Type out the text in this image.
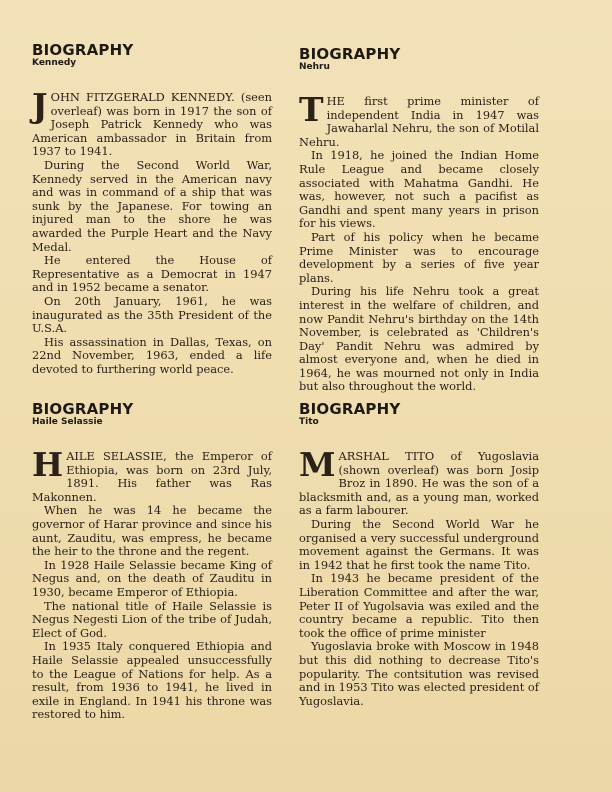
BIOGRAPHY
Kennedy

JOHN FITZGERALD KENNEDY. (seen overleaf) was born in 1917 the son of Joseph Patrick Kennedy who was American ambassador in Britain from 1937 to 1941.

During the Second World War, Kennedy served in the American navy and was in command of a ship that was sunk by the Japanese. For towing an injured man to the shore he was awarded the Purple Heart and the Navy Medal.

He entered the House of Representative as a Democrat in 1947 and in 1952 became a senator.

On 20th January, 1961, he was inaugurated as the 35th President of the U.S.A.

His assassination in Dallas, Texas, on 22nd November, 1963, ended a life devoted to furthering world peace.

BIOGRAPHY
Nehru

THE first prime minister of independent India in 1947 was Jawaharlal Nehru, the son of Motilal Nehru.

In 1918, he joined the Indian Home Rule League and became closely associated with Mahatma Gandhi. He was, however, not such a pacifist as Gandhi and spent many years in prison for his views.

Part of his policy when he became Prime Minister was to encourage development by a series of five year plans.

During his life Nehru took a great interest in the welfare of children, and now Pandit Nehru's birthday on the 14th November, is celebrated as 'Children's Day' Pandit Nehru was admired by almost everyone and, when he died in 1964, he was mourned not only in India but also throughout the world.

BIOGRAPHY
Haile Selassie

HAILE SELASSIE, the Emperor of Ethiopia, was born on 23rd July, 1891. His father was Ras Makonnen.

When he was 14 he became the governor of Harar province and since his aunt, Zauditu, was empress, he became the heir to the throne and the regent.

In 1928 Haile Selassie became King of Negus and, on the death of Zauditu in 1930, became Emperor of Ethiopia.

The national title of Haile Selassie is Negus Negesti Lion of the tribe of Judah, Elect of God.

In 1935 Italy conquered Ethiopia and Haile Selassie appealed unsuccessfully to the League of Nations for help. As a result, from 1936 to 1941, he lived in exile in England. In 1941 his throne was restored to him.

BIOGRAPHY
Tito

MARSHAL TITO of Yugoslavia (shown overleaf) was born Josip Broz in 1890. He was the son of a blacksmith and, as a young man, worked as a farm labourer.

During the Second World War he organised a very successful underground movement against the Germans. It was in 1942 that he first took the name Tito.

In 1943 he became president of the Liberation Committee and after the war, Peter II of Yugolsavia was exiled and the country became a republic. Tito then took the office of prime minister

Yugoslavia broke with Moscow in 1948 but this did nothing to decrease Tito's popularity. The contsitution was revised and in 1953 Tito was elected president of Yugoslavia.
